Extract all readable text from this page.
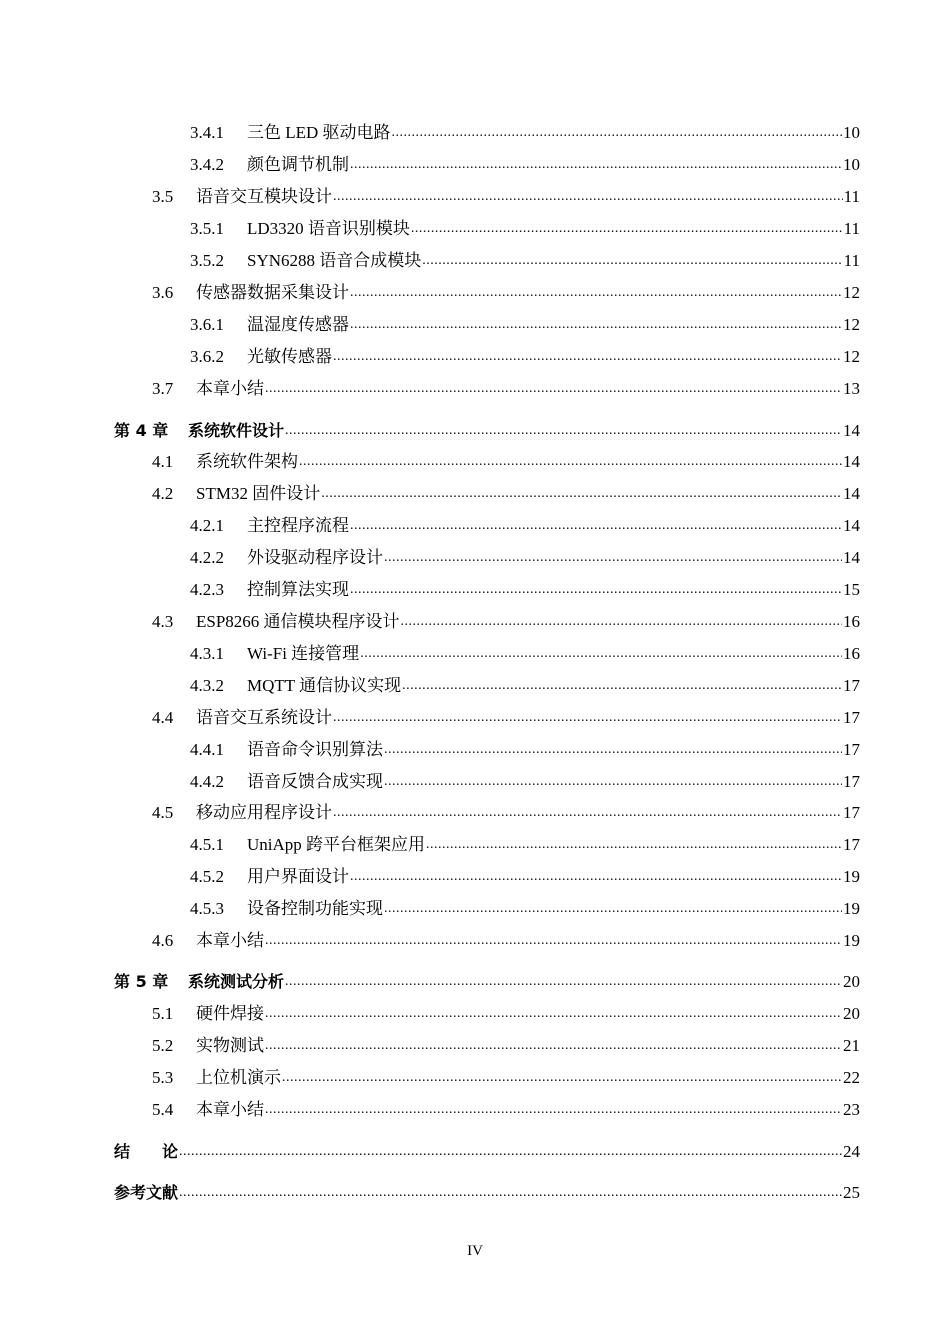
3.4.1	三色 LED 驱动电路 .....	10
3.4.2	颜色调节机制 .....	10
3.5	语音交互模块设计 .....	11
3.5.1	LD3320 语音识别模块 .....	11
3.5.2	SYN6288 语音合成模块 .....	11
3.6	传感器数据采集设计 .....	12
3.6.1	温湿度传感器 .....	12
3.6.2	光敏传感器 .....	12
3.7	本章小结 .....	13
第 4 章	系统软件设计 .....	14
4.1	系统软件架构 .....	14
4.2	STM32 固件设计 .....	14
4.2.1	主控程序流程 .....	14
4.2.2	外设驱动程序设计 .....	14
4.2.3	控制算法实现 .....	15
4.3	ESP8266 通信模块程序设计 .....	16
4.3.1	Wi-Fi 连接管理 .....	16
4.3.2	MQTT 通信协议实现 .....	17
4.4	语音交互系统设计 .....	17
4.4.1	语音命令识别算法 .....	17
4.4.2	语音反馈合成实现 .....	17
4.5	移动应用程序设计 .....	17
4.5.1	UniApp 跨平台框架应用 .....	17
4.5.2	用户界面设计 .....	19
4.5.3	设备控制功能实现 .....	19
4.6	本章小结 .....	19
第 5 章	系统测试分析 .....	20
5.1	硬件焊接 .....	20
5.2	实物测试 .....	21
5.3	上位机演示 .....	22
5.4	本章小结 .....	23
结　　论 .....	24
参考文献 .....	25
IV
